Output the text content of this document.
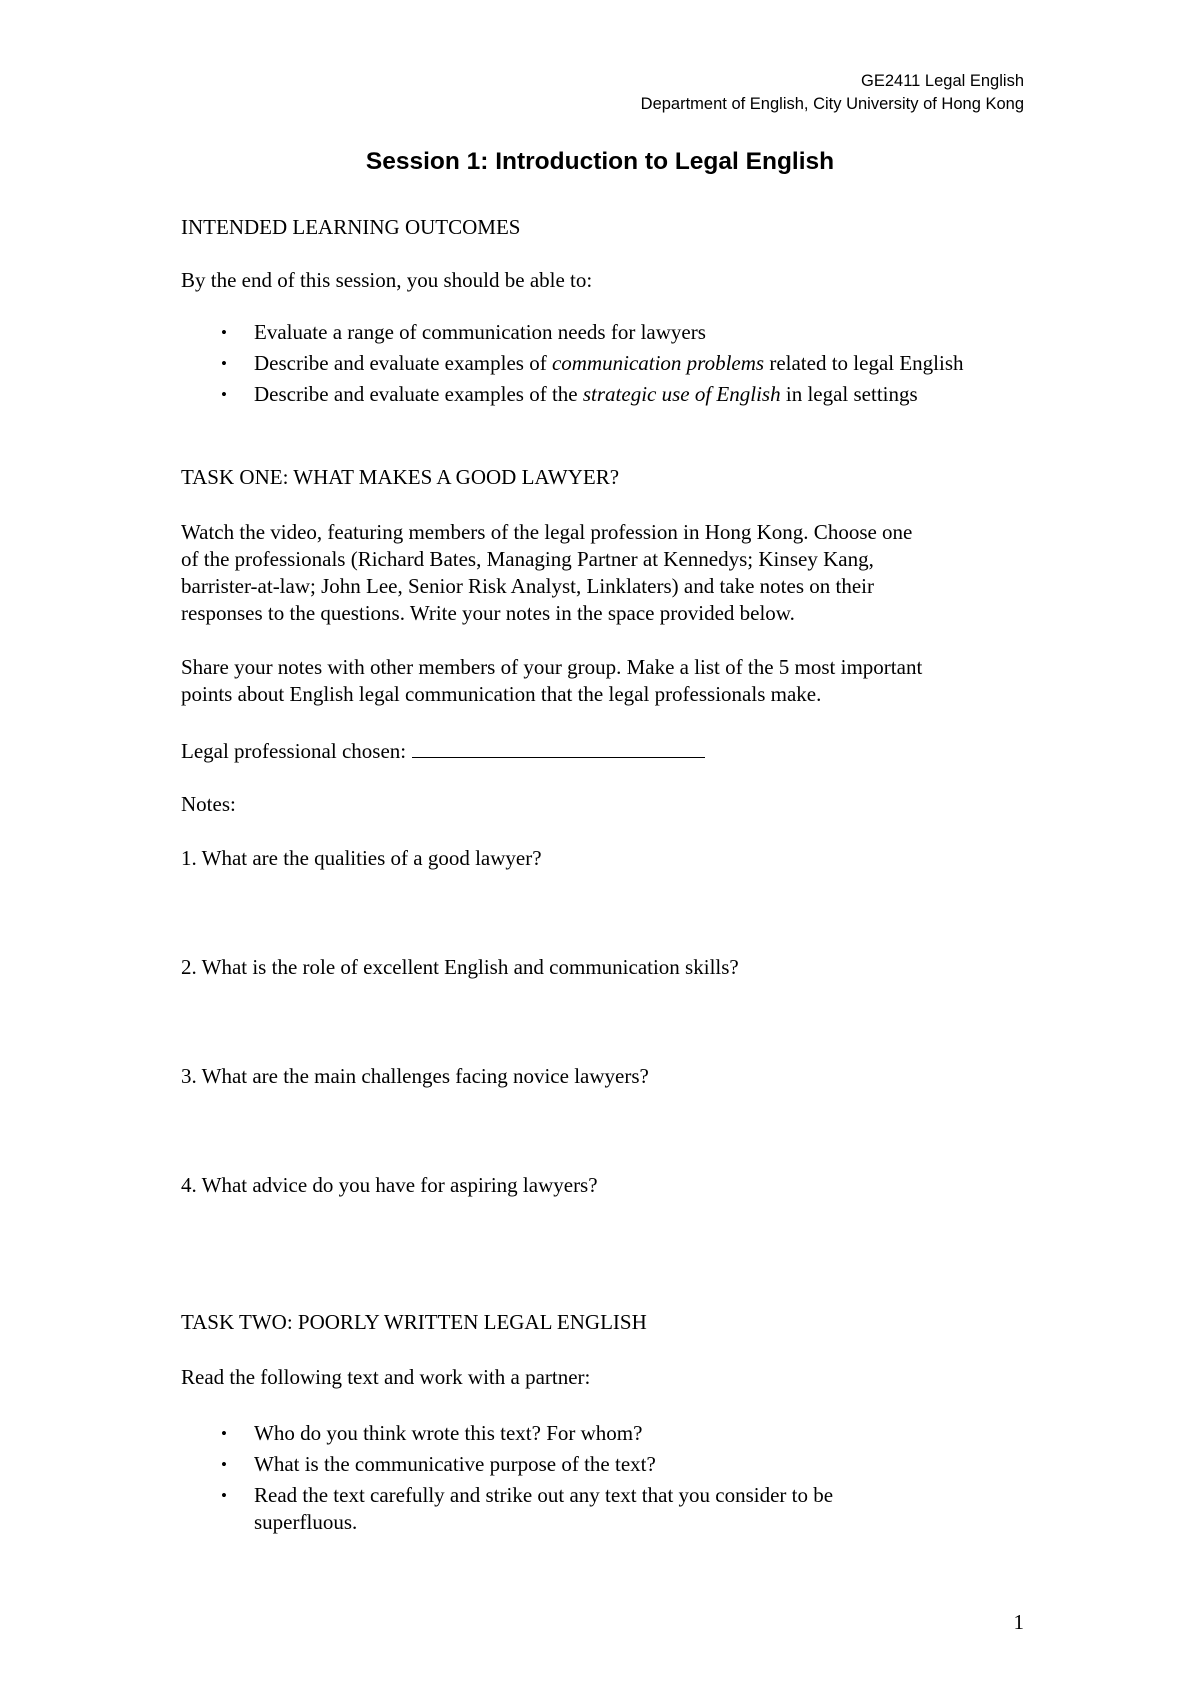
GE2411 Legal English
Department of English, City University of Hong Kong
Session 1: Introduction to Legal English
INTENDED LEARNING OUTCOMES
By the end of this session, you should be able to:
• Evaluate a range of communication needs for lawyers
• Describe and evaluate examples of communication problems related to legal English
• Describe and evaluate examples of the strategic use of English in legal settings
TASK ONE: WHAT MAKES A GOOD LAWYER?
Watch the video, featuring members of the legal profession in Hong Kong. Choose one
of the professionals (Richard Bates, Managing Partner at Kennedys; Kinsey Kang,
barrister-at-law; John Lee, Senior Risk Analyst, Linklaters) and take notes on their
responses to the questions. Write your notes in the space provided below.
Share your notes with other members of your group. Make a list of the 5 most important
points about English legal communication that the legal professionals make.
Legal professional chosen:
Notes:
1. What are the qualities of a good lawyer?
2. What is the role of excellent English and communication skills?
3. What are the main challenges facing novice lawyers?
4. What advice do you have for aspiring lawyers?
TASK TWO: POORLY WRITTEN LEGAL ENGLISH
Read the following text and work with a partner:
• Who do you think wrote this text? For whom?
• What is the communicative purpose of the text?
• Read the text carefully and strike out any text that you consider to be
superfluous.
1
